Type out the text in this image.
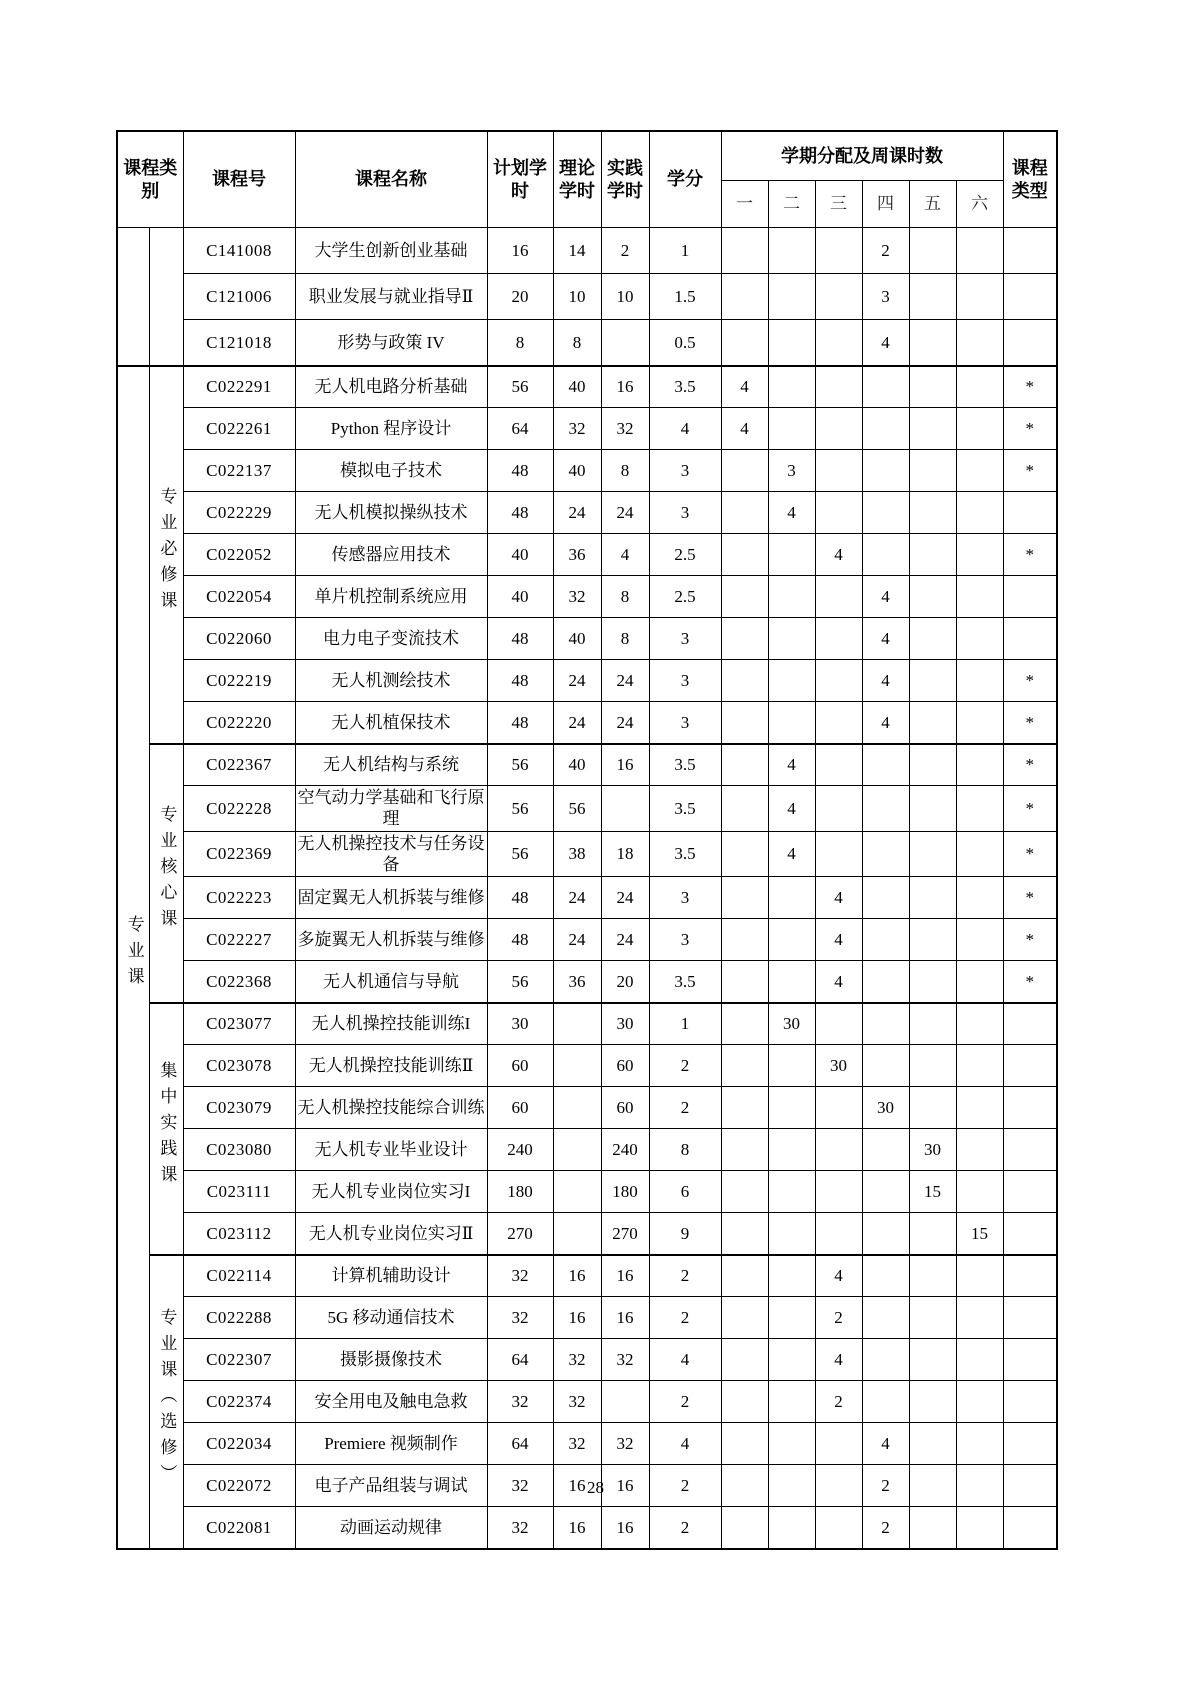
课程类别		课程号	课程名称	计划学时	理论学时	实践学时	学分	学期分配及周课时数						课程类型
								一	二	三	四	五	六	
		C141008	大学生创新创业基础	16	14	2	1				2			
		C121006	职业发展与就业指导Ⅱ	20	10	10	1.5				3			
		C121018	形势与政策 IV	8	8		0.5				4			
专业课	专业必修课	C022291	无人机电路分析基础	56	40	16	3.5	4						*
		C022261	Python 程序设计	64	32	32	4	4						*
		C022137	模拟电子技术	48	40	8	3		3					*
		C022229	无人机模拟操纵技术	48	24	24	3		4					
		C022052	传感器应用技术	40	36	4	2.5			4				*
		C022054	单片机控制系统应用	40	32	8	2.5				4			
		C022060	电力电子变流技术	48	40	8	3				4			
		C022219	无人机测绘技术	48	24	24	3				4			*
		C022220	无人机植保技术	48	24	24	3				4			*
	专业核心课	C022367	无人机结构与系统	56	40	16	3.5		4					*
		C022228	空气动力学基础和飞行原理	56	56		3.5		4					*
		C022369	无人机操控技术与任务设备	56	38	18	3.5		4					*
		C022223	固定翼无人机拆装与维修	48	24	24	3			4				*
		C022227	多旋翼无人机拆装与维修	48	24	24	3			4				*
		C022368	无人机通信与导航	56	36	20	3.5			4				*
	集中实践课	C023077	无人机操控技能训练I	30		30	1		30					
		C023078	无人机操控技能训练Ⅱ	60		60	2			30				
		C023079	无人机操控技能综合训练	60		60	2				30			
		C023080	无人机专业毕业设计	240		240	8					30		
		C023111	无人机专业岗位实习I	180		180	6					15		
		C023112	无人机专业岗位实习Ⅱ	270		270	9						15	
	专业课（选修）	C022114	计算机辅助设计	32	16	16	2			4				
		C022288	5G 移动通信技术	32	16	16	2			2				
		C022307	摄影摄像技术	64	32	32	4			4				
		C022374	安全用电及触电急救	32	32		2			2				
		C022034	Premiere 视频制作	64	32	32	4				4			
		C022072	电子产品组装与调试	32	16	16	2				2			
		C022081	动画运动规律	32	16	16	2				2			
28
